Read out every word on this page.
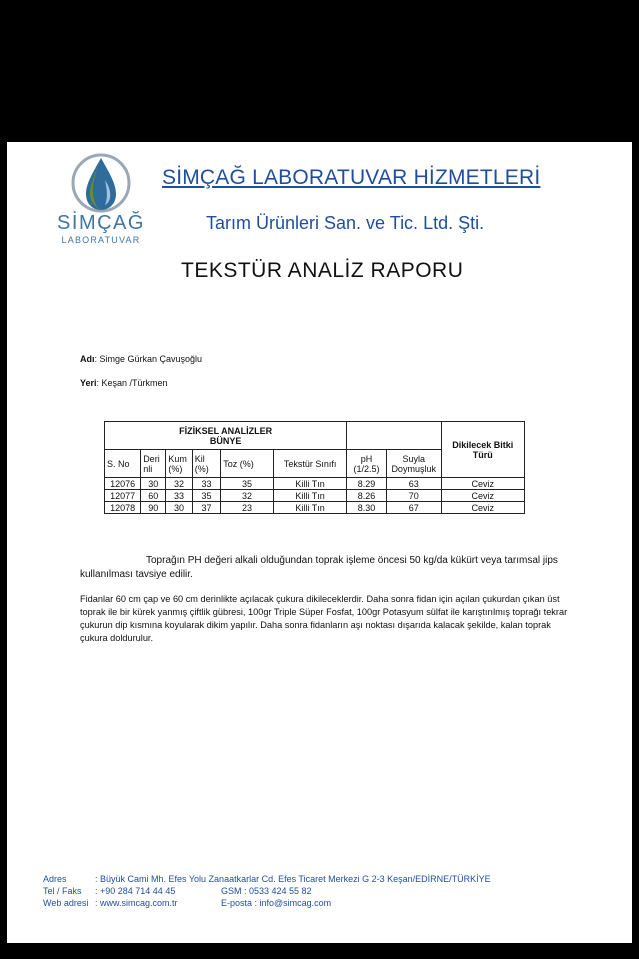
SİMÇAĞ
LABORATUVAR
SİMÇAĞ LABORATUVAR HİZMETLERİ
Tarım Ürünleri San. ve Tic. Ltd. Şti.
TEKSTÜR ANALİZ RAPORU
Adı: Simge Gürkan Çavuşoğlu
Yeri: Keşan /Türkmen
FİZİKSEL ANALİZLER
BÜNYE								Dikilecek Bitki Türü
S. No	Deri nli	Kum (%)	Kil (%)	Toz (%)	Tekstür Sınıfı	pH (1/2.5)	Suyla Doymuşluk	
12076	30	32	33	35	Killi Tın	8.29	63	Ceviz
12077	60	33	35	32	Killi Tın	8.26	70	Ceviz
12078	90	30	37	23	Killi Tın	8.30	67	Ceviz
Toprağın PH değeri alkali olduğundan toprak işleme öncesi 50 kg/da kükürt veya tarımsal jips kullanılması tavsiye edilir.
Fidanlar 60 cm çap ve 60 cm derinlikte açılacak çukura dikileceklerdir. Daha sonra fidan için açılan çukurdan çıkan üst toprak ile bir kürek yanmış çiftlik gübresi, 100gr Triple Süper Fosfat, 100gr Potasyum sülfat ile karıştırılmış toprağı tekrar çukurun dip kısmına koyularak dikim yapılır. Daha sonra fidanların aşı noktası dışarıda kalacak şekilde, kalan toprak çukura doldurulur.
Adres	: Büyük Cami Mh. Efes Yolu Zanaatkarlar Cd. Efes Ticaret Merkezi G 2-3 Keşan/EDİRNE/TÜRKİYE
Tel / Faks : +90 284 714 44 45	GSM : 0533 424 55 82
Web adresi : www.simcag.com.tr	E-posta : info@simcag.com
